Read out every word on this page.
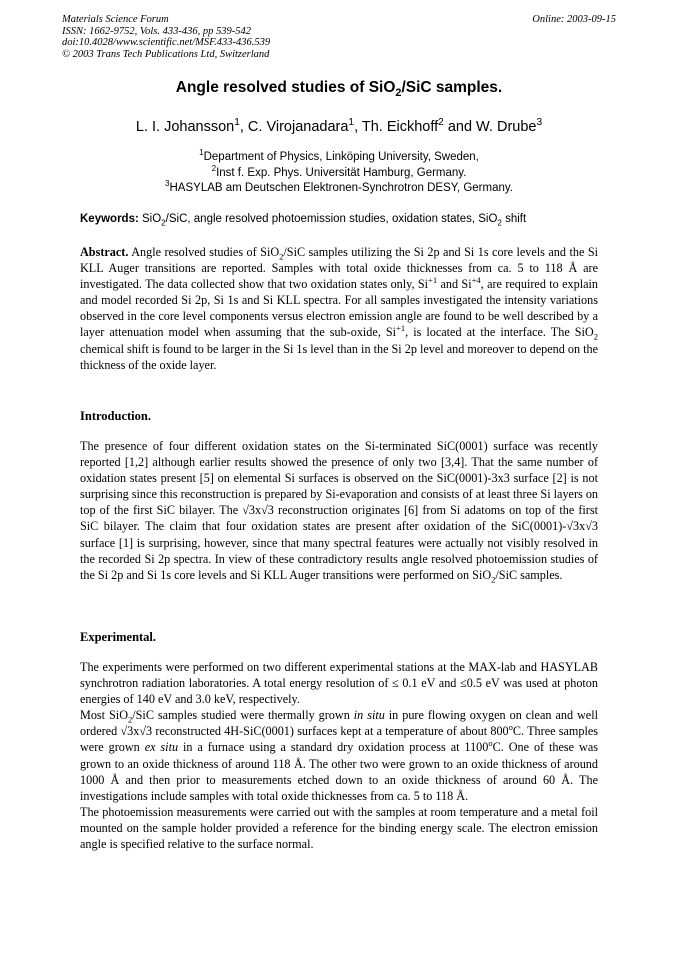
Materials Science Forum
ISSN: 1662-9752, Vols. 433-436, pp 539-542
doi:10.4028/www.scientific.net/MSF.433-436.539
© 2003 Trans Tech Publications Ltd, Switzerland
Online: 2003-09-15
Angle resolved studies of SiO$_2$/SiC samples.
L. I. Johansson$^1$, C. Virojanadara$^1$, Th. Eickhoff$^2$ and W. Drube$^3$
$^1$Department of Physics, Linköping University, Sweden,
$^2$Inst f. Exp. Phys. Universität Hamburg, Germany.
$^3$HASYLAB am Deutschen Elektronen-Synchrotron DESY, Germany.
Keywords: SiO$_2$/SiC, angle resolved photoemission studies, oxidation states, SiO$_2$ shift
Abstract. Angle resolved studies of SiO$_2$/SiC samples utilizing the Si 2p and Si 1s core levels and the Si KLL Auger transitions are reported. Samples with total oxide thicknesses from ca. 5 to 118 Å are investigated. The data collected show that two oxidation states only, $Si^{+1}$ and $Si^{+4}$, are required to explain and model recorded Si 2p, Si 1s and Si KLL spectra. For all samples investigated the intensity variations observed in the core level components versus electron emission angle are found to be well described by a layer attenuation model when assuming that the sub-oxide, $Si^{+1}$, is located at the interface. The SiO$_2$ chemical shift is found to be larger in the Si 1s level than in the Si 2p level and moreover to depend on the thickness of the oxide layer.
Introduction.
The presence of four different oxidation states on the Si-terminated SiC(0001) surface was recently reported [1,2] although earlier results showed the presence of only two [3,4]. That the same number of oxidation states present [5] on elemental Si surfaces is observed on the SiC(0001)-3x3 surface [2] is not surprising since this reconstruction is prepared by Si-evaporation and consists of at least three Si layers on top of the first SiC bilayer. The √3x√3 reconstruction originates [6] from Si adatoms on top of the first SiC bilayer. The claim that four oxidation states are present after oxidation of the SiC(0001)-√3x√3 surface [1] is surprising, however, since that many spectral features were actually not visibly resolved in the recorded Si 2p spectra. In view of these contradictory results angle resolved photoemission studies of the Si 2p and Si 1s core levels and Si KLL Auger transitions were performed on SiO$_2$/SiC samples.
Experimental.

The experiments were performed on two different experimental stations at the MAX-lab and HASYLAB synchrotron radiation laboratories. A total energy resolution of ≤ 0.1 eV and ≤0.5 eV was used at photon energies of 140 eV and 3.0 keV, respectively.

Most SiO$_2$/SiC samples studied were thermally grown in situ in pure flowing oxygen on clean and well ordered √3x√3 reconstructed 4H-SiC(0001) surfaces kept at a temperature of about 800$^o$C. Three samples were grown ex situ in a furnace using a standard dry oxidation process at 1100$^o$C. One of these was grown to an oxide thickness of around 118 Å. The other two were grown to an oxide thickness of around 1000 Å and then prior to measurements etched down to an oxide thickness of around 60 Å. The investigations include samples with total oxide thicknesses from ca. 5 to 118 Å.

The photoemission measurements were carried out with the samples at room temperature and a metal foil mounted on the sample holder provided a reference for the binding energy scale. The electron emission angle is specified relative to the surface normal.
